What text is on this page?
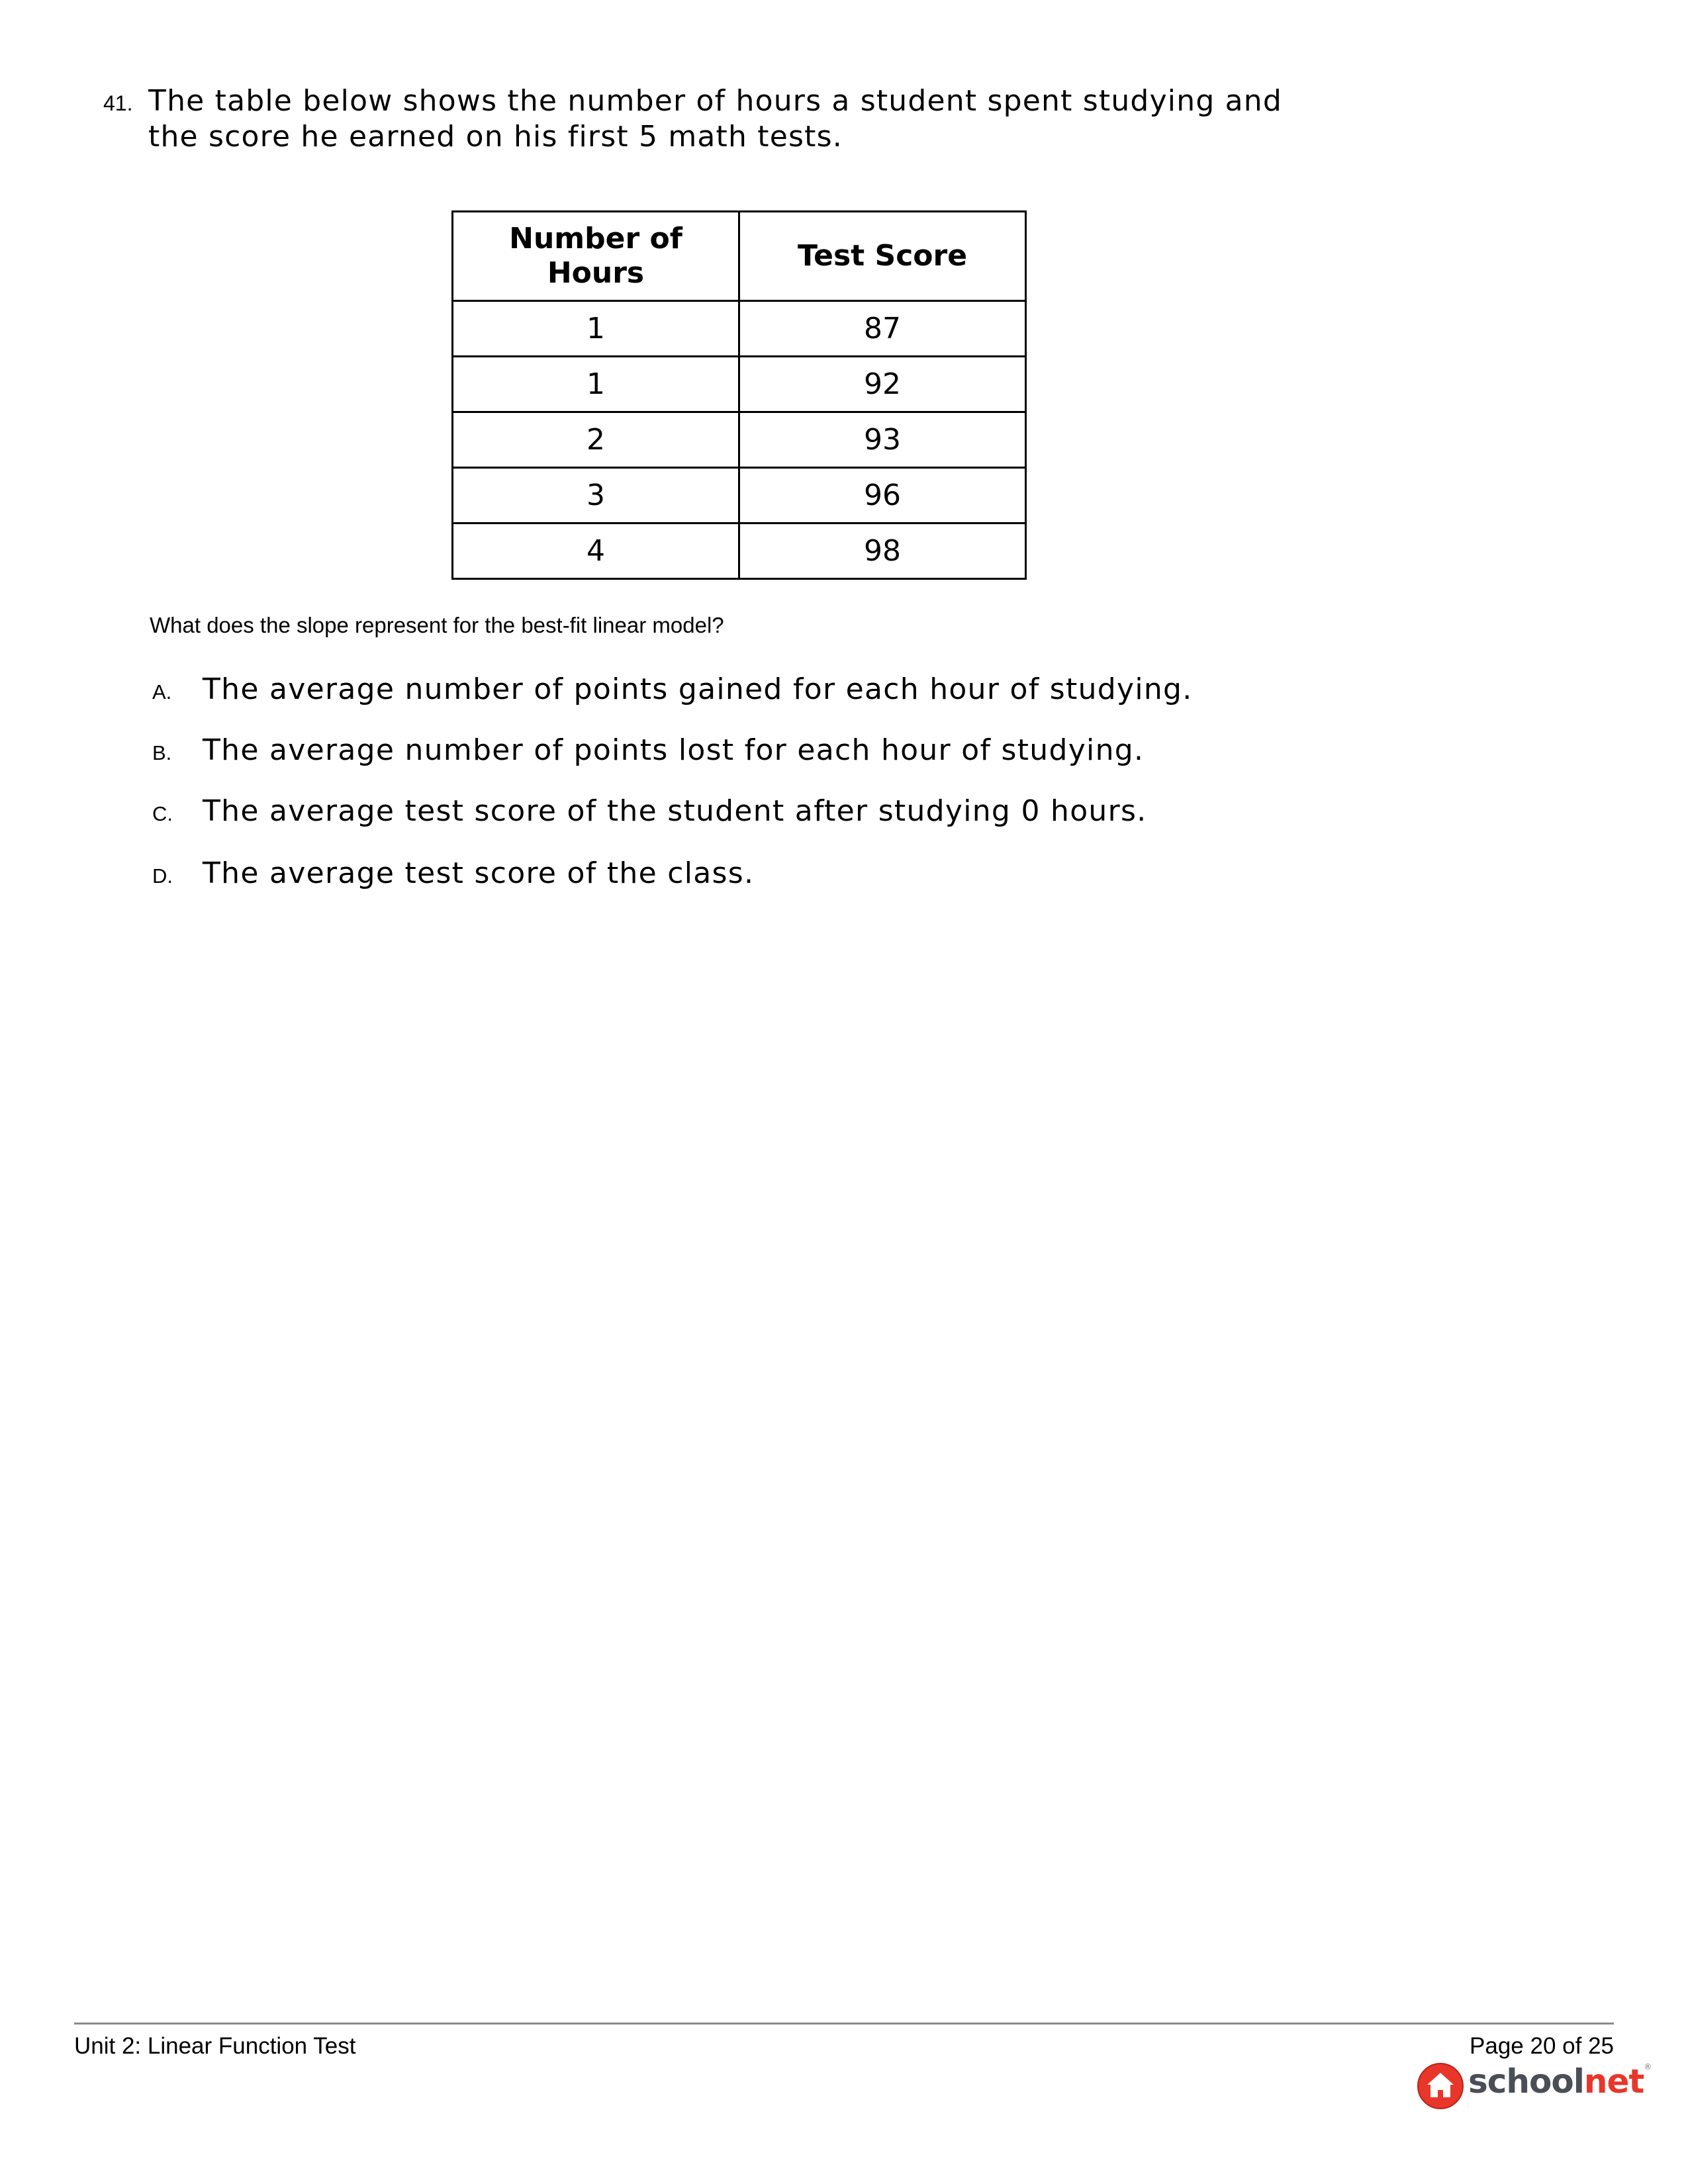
41. The table below shows the number of hours a student spent studying and
the score he earned on his first 5 math tests.
Number of
Hours	Test Score
1	87
1	92
2	93
3	96
4	98
What does the slope represent for the best-fit linear model?
A. The average number of points gained for each hour of studying.
B. The average number of points lost for each hour of studying.
C. The average test score of the student after studying 0 hours.
D. The average test score of the class.
Unit 2: Linear Function Test	Page 20 of 25
schoolnet®
